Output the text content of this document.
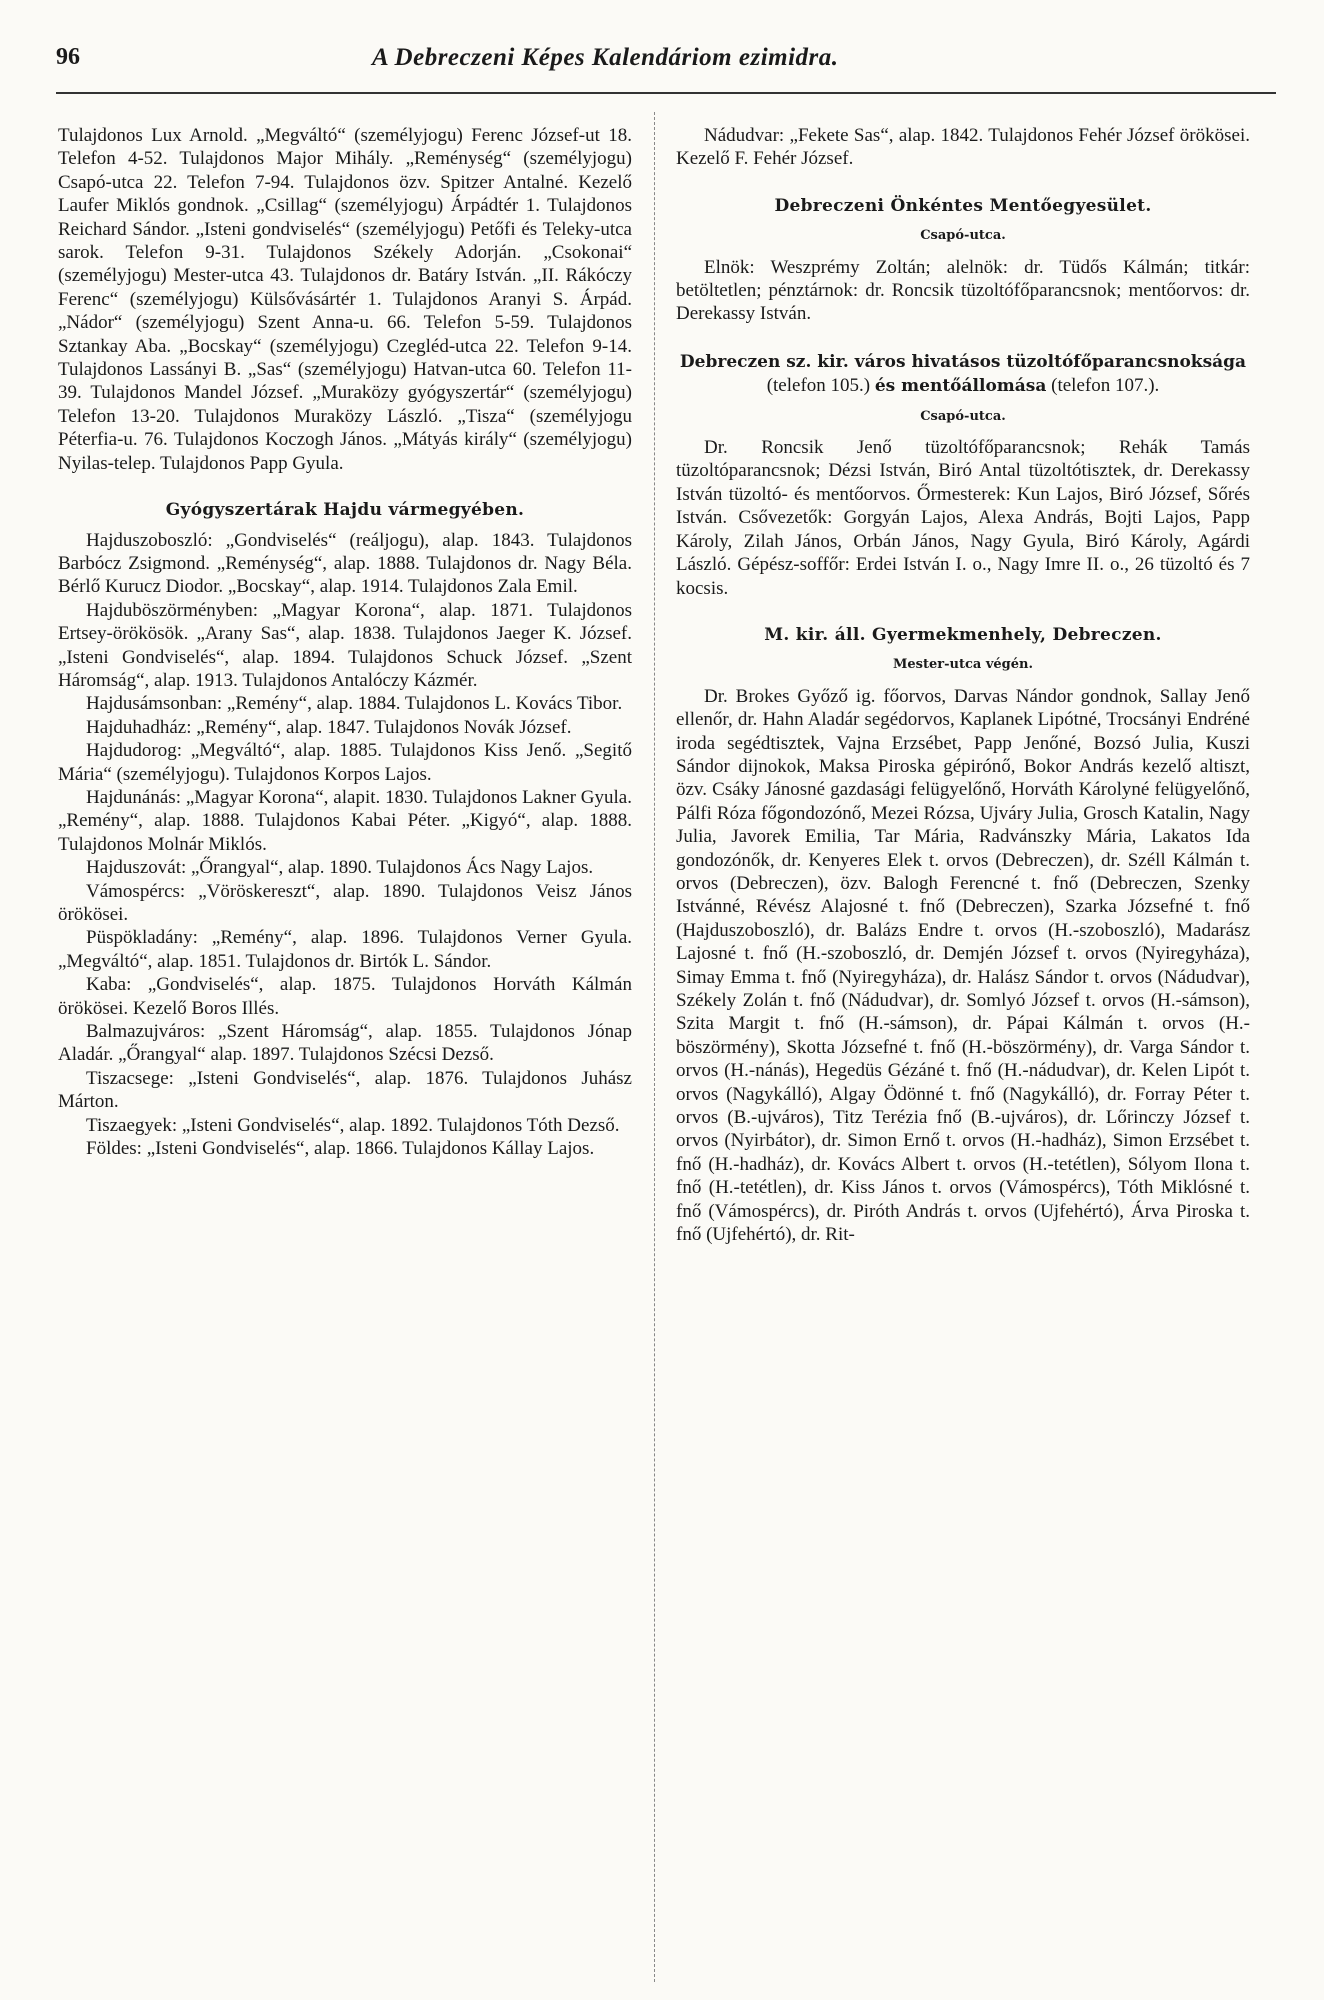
96	A Debreczeni Képes Kalendáriom ezimidra.

Tulajdonos Lux Arnold. „Megváltó“ (személyjogu) Ferenc József-ut 18. Telefon 4-52. Tulajdonos Major Mihály. „Reménység“ (személyjogu) Csapó-utca 22. Telefon 7-94. Tulajdonos özv. Spitzer Antalné. Kezelő Laufer Miklós gondnok. „Csillag“ (személyjogu) Árpádtér 1. Tulajdonos Reichard Sándor. „Isteni gondviselés“ (személyjogu) Petőfi és Teleky-utca sarok. Telefon 9-31. Tulajdonos Székely Adorján. „Csokonai“ (személyjogu) Mester-utca 43. Tulajdonos dr. Batáry István. „II. Rákóczy Ferenc“ (személyjogu) Külsővásártér 1. Tulajdonos Aranyi S. Árpád. „Nádor“ (személyjogu) Szent Anna-u. 66. Telefon 5-59. Tulajdonos Sztankay Aba. „Bocskay“ (személyjogu) Czegléd-utca 22. Telefon 9-14. Tulajdonos Lassányi B. „Sas“ (személyjogu) Hatvan-utca 60. Telefon 11-39. Tulajdonos Mandel József. „Muraközy gyógyszertár“ (személyjogu) Telefon 13-20. Tulajdonos Muraközy László. „Tisza“ (személyjogu Péterfia-u. 76. Tulajdonos Koczogh János. „Mátyás király“ (személyjogu) Nyilas-telep. Tulajdonos Papp Gyula.

Gyógyszertárak Hajdu vármegyében.

Hajduszoboszló: „Gondviselés“ (reáljogu), alap. 1843. Tulajdonos Barbócz Zsigmond. „Reménység“, alap. 1888. Tulajdonos dr. Nagy Béla. Bérlő Kurucz Diodor. „Bocskay“, alap. 1914. Tulajdonos Zala Emil.

Hajduböszörményben: „Magyar Korona“, alap. 1871. Tulajdonos Ertsey-örökösök. „Arany Sas“, alap. 1838. Tulajdonos Jaeger K. József. „Isteni Gondviselés“, alap. 1894. Tulajdonos Schuck József. „Szent Háromság“, alap. 1913. Tulajdonos Antalóczy Kázmér.

Hajdusámsonban: „Remény“, alap. 1884. Tulajdonos L. Kovács Tibor.

Hajduhadház: „Remény“, alap. 1847. Tulajdonos Novák József.

Hajdudorog: „Megváltó“, alap. 1885. Tulajdonos Kiss Jenő. „Segitő Mária“ (személyjogu). Tulajdonos Korpos Lajos.

Hajdunánás: „Magyar Korona“, alapit. 1830. Tulajdonos Lakner Gyula. „Remény“, alap. 1888. Tulajdonos Kabai Péter. „Kigyó“, alap. 1888. Tulajdonos Molnár Miklós.

Hajduszovát: „Őrangyal“, alap. 1890. Tulajdonos Ács Nagy Lajos.

Vámospércs: „Vöröskereszt“, alap. 1890. Tulajdonos Veisz János örökösei.

Püspökladány: „Remény“, alap. 1896. Tulajdonos Verner Gyula. „Megváltó“, alap. 1851. Tulajdonos dr. Birtók L. Sándor.

Kaba: „Gondviselés“, alap. 1875. Tulajdonos Horváth Kálmán örökösei. Kezelő Boros Illés.

Balmazujváros: „Szent Háromság“, alap. 1855. Tulajdonos Jónap Aladár. „Őrangyal“ alap. 1897. Tulajdonos Szécsi Dezső.

Tiszacsege: „Isteni Gondviselés“, alap. 1876. Tulajdonos Juhász Márton.

Tiszaegyek: „Isteni Gondviselés“, alap. 1892. Tulajdonos Tóth Dezső.

Földes: „Isteni Gondviselés“, alap. 1866. Tulajdonos Kállay Lajos.

Nádudvar: „Fekete Sas“, alap. 1842. Tulajdonos Fehér József örökösei. Kezelő F. Fehér József.

Debreczeni Önkéntes Mentőegyesület.

Csapó-utca.

Elnök: Weszprémy Zoltán; alelnök: dr. Tüdős Kálmán; titkár: betöltetlen; pénztárnok: dr. Roncsik tüzoltófőparancsnok; mentőorvos: dr. Derekassy István.

Debreczen sz. kir. város hivatásos tüzoltófőparancsnoksága (telefon 105.) és mentőállomása (telefon 107.).

Csapó-utca.

Dr. Roncsik Jenő tüzoltófőparancsnok; Rehák Tamás tüzoltóparancsnok; Dézsi István, Biró Antal tüzoltótisztek, dr. Derekassy István tüzoltó- és mentőorvos. Őrmesterek: Kun Lajos, Biró József, Sőrés István. Csővezetők: Gorgyán Lajos, Alexa András, Bojti Lajos, Papp Károly, Zilah János, Orbán János, Nagy Gyula, Biró Károly, Agárdi László. Gépész-soffőr: Erdei István I. o., Nagy Imre II. o., 26 tüzoltó és 7 kocsis.

M. kir. áll. Gyermekmenhely, Debreczen.

Mester-utca végén.

Dr. Brokes Győző ig. főorvos, Darvas Nándor gondnok, Sallay Jenő ellenőr, dr. Hahn Aladár segédorvos, Kaplanek Lipótné, Trocsányi Endréné iroda segédtisztek, Vajna Erzsébet, Papp Jenőné, Bozsó Julia, Kuszi Sándor dijnokok, Maksa Piroska gépirónő, Bokor András kezelő altiszt, özv. Csáky Jánosné gazdasági felügyelőnő, Horváth Károlyné felügyelőnő, Pálfi Róza főgondozónő, Mezei Rózsa, Ujváry Julia, Grosch Katalin, Nagy Julia, Javorek Emilia, Tar Mária, Radvánszky Mária, Lakatos Ida gondozónők, dr. Kenyeres Elek t. orvos (Debreczen), dr. Széll Kálmán t. orvos (Debreczen), özv. Balogh Ferencné t. fnő (Debreczen, Szenky Istvánné, Révész Alajosné t. fnő (Debreczen), Szarka Józsefné t. fnő (Hajduszoboszló), dr. Balázs Endre t. orvos (H.-szoboszló), Madarász Lajosné t. fnő (H.-szoboszló, dr. Demjén József t. orvos (Nyiregyháza), Simay Emma t. fnő (Nyiregyháza), dr. Halász Sándor t. orvos (Nádudvar), Székely Zolán t. fnő (Nádudvar), dr. Somlyó József t. orvos (H.-sámson), Szita Margit t. fnő (H.-sámson), dr. Pápai Kálmán t. orvos (H.-böszörmény), Skotta Józsefné t. fnő (H.-böszörmény), dr. Varga Sándor t. orvos (H.-nánás), Hegedüs Gézáné t. fnő (H.-nádudvar), dr. Kelen Lipót t. orvos (Nagykálló), Algay Ödönné t. fnő (Nagykálló), dr. Forray Péter t. orvos (B.-ujváros), Titz Terézia fnő (B.-ujváros), dr. Lőrinczy József t. orvos (Nyirbátor), dr. Simon Ernő t. orvos (H.-hadház), Simon Erzsébet t. fnő (H.-hadház), dr. Kovács Albert t. orvos (H.-tetétlen), Sólyom Ilona t. fnő (H.-tetétlen), dr. Kiss János t. orvos (Vámospércs), Tóth Miklósné t. fnő (Vámospércs), dr. Piróth András t. orvos (Ujfehértó), Árva Piroska t. fnő (Ujfehértó), dr. Rit-
